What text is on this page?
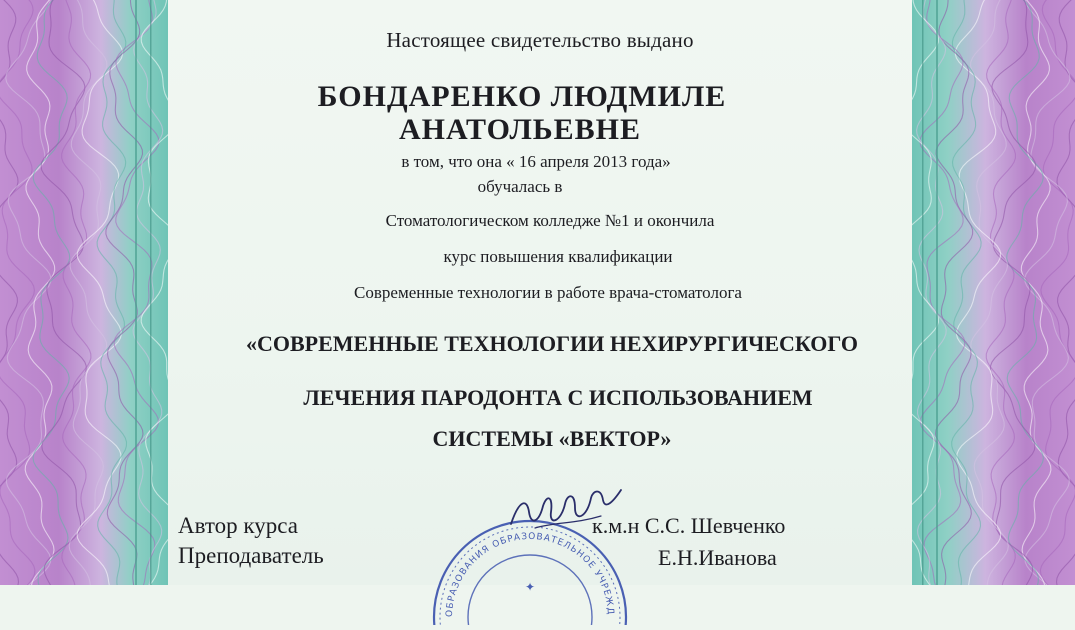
Настоящее свидетельство выдано
БОНДАРЕНКО ЛЮДМИЛЕ
АНАТОЛЬЕВНЕ
в том, что она « 16 апреля 2013 года»
обучалась в
Стоматологическом колледже №1 и окончила
курс повышения квалификации
Современные технологии в работе врача-стоматолога
«СОВРЕМЕННЫЕ ТЕХНОЛОГИИ НЕХИРУРГИЧЕСКОГО
ЛЕЧЕНИЯ ПАРОДОНТА С ИСПОЛЬЗОВАНИЕМ
СИСТЕМЫ «ВЕКТОР»
ОБРАЗОВАНИЯ ОБРАЗОВАТЕЛЬНОЕ УЧРЕЖД
✦
Автор курса
Преподаватель
к.м.н С.С. Шевченко
Е.Н.Иванова
